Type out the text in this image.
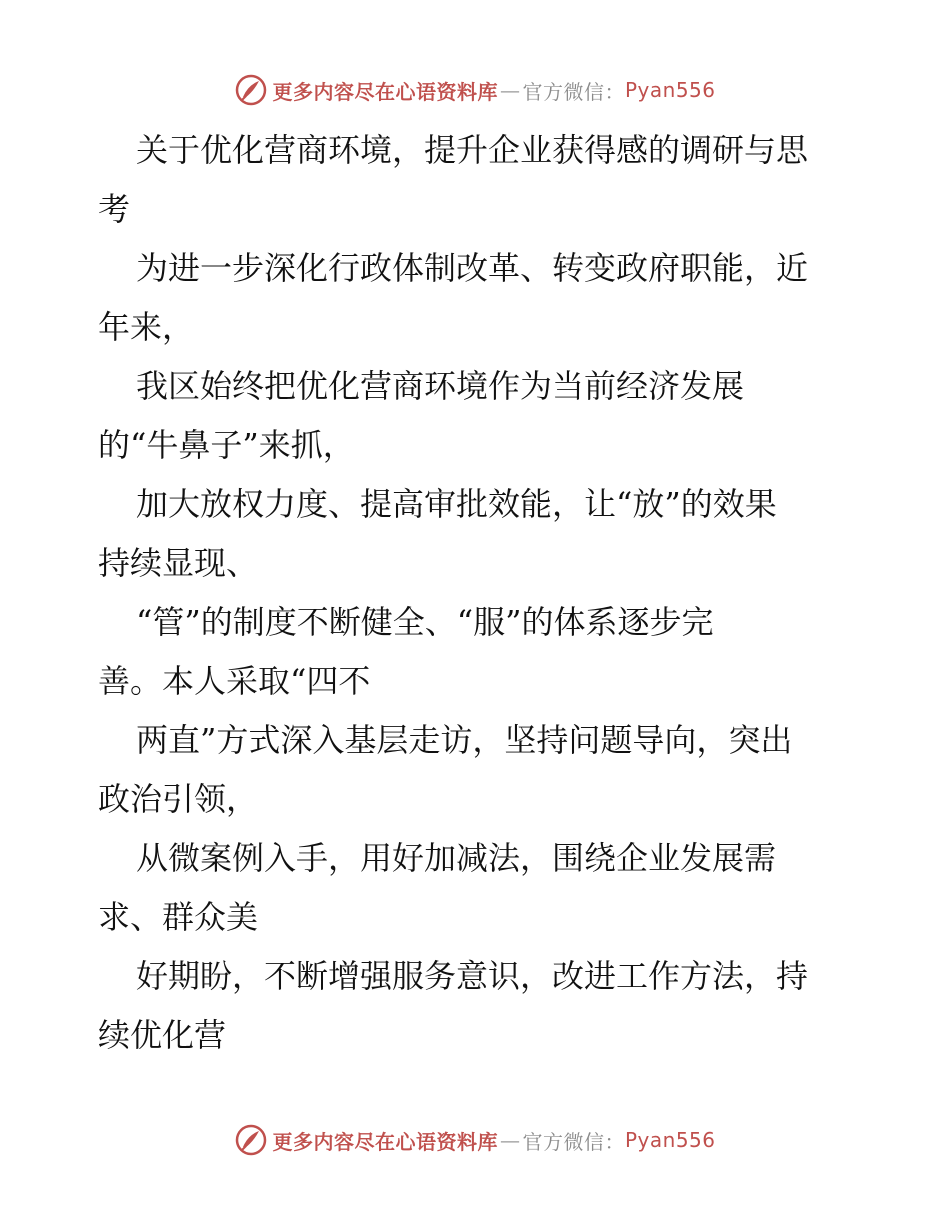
更多内容尽在心语资料库 — 官方微信： Pyan556

关于优化营商环境，提升企业获得感的调研与思
考

为进一步深化行政体制改革、转变政府职能，近
年来，

我区始终把优化营商环境作为当前经济发展
的“牛鼻子”来抓，

加大放权力度、提高审批效能，让“放”的效果
持续显现、

“管”的制度不断健全、“服”的体系逐步完
善。本人采取“四不

两直”方式深入基层走访，坚持问题导向，突出
政治引领，

从微案例入手，用好加减法，围绕企业发展需
求、群众美

好期盼，不断增强服务意识，改进工作方法，持
续优化营

更多内容尽在心语资料库 — 官方微信： Pyan556
